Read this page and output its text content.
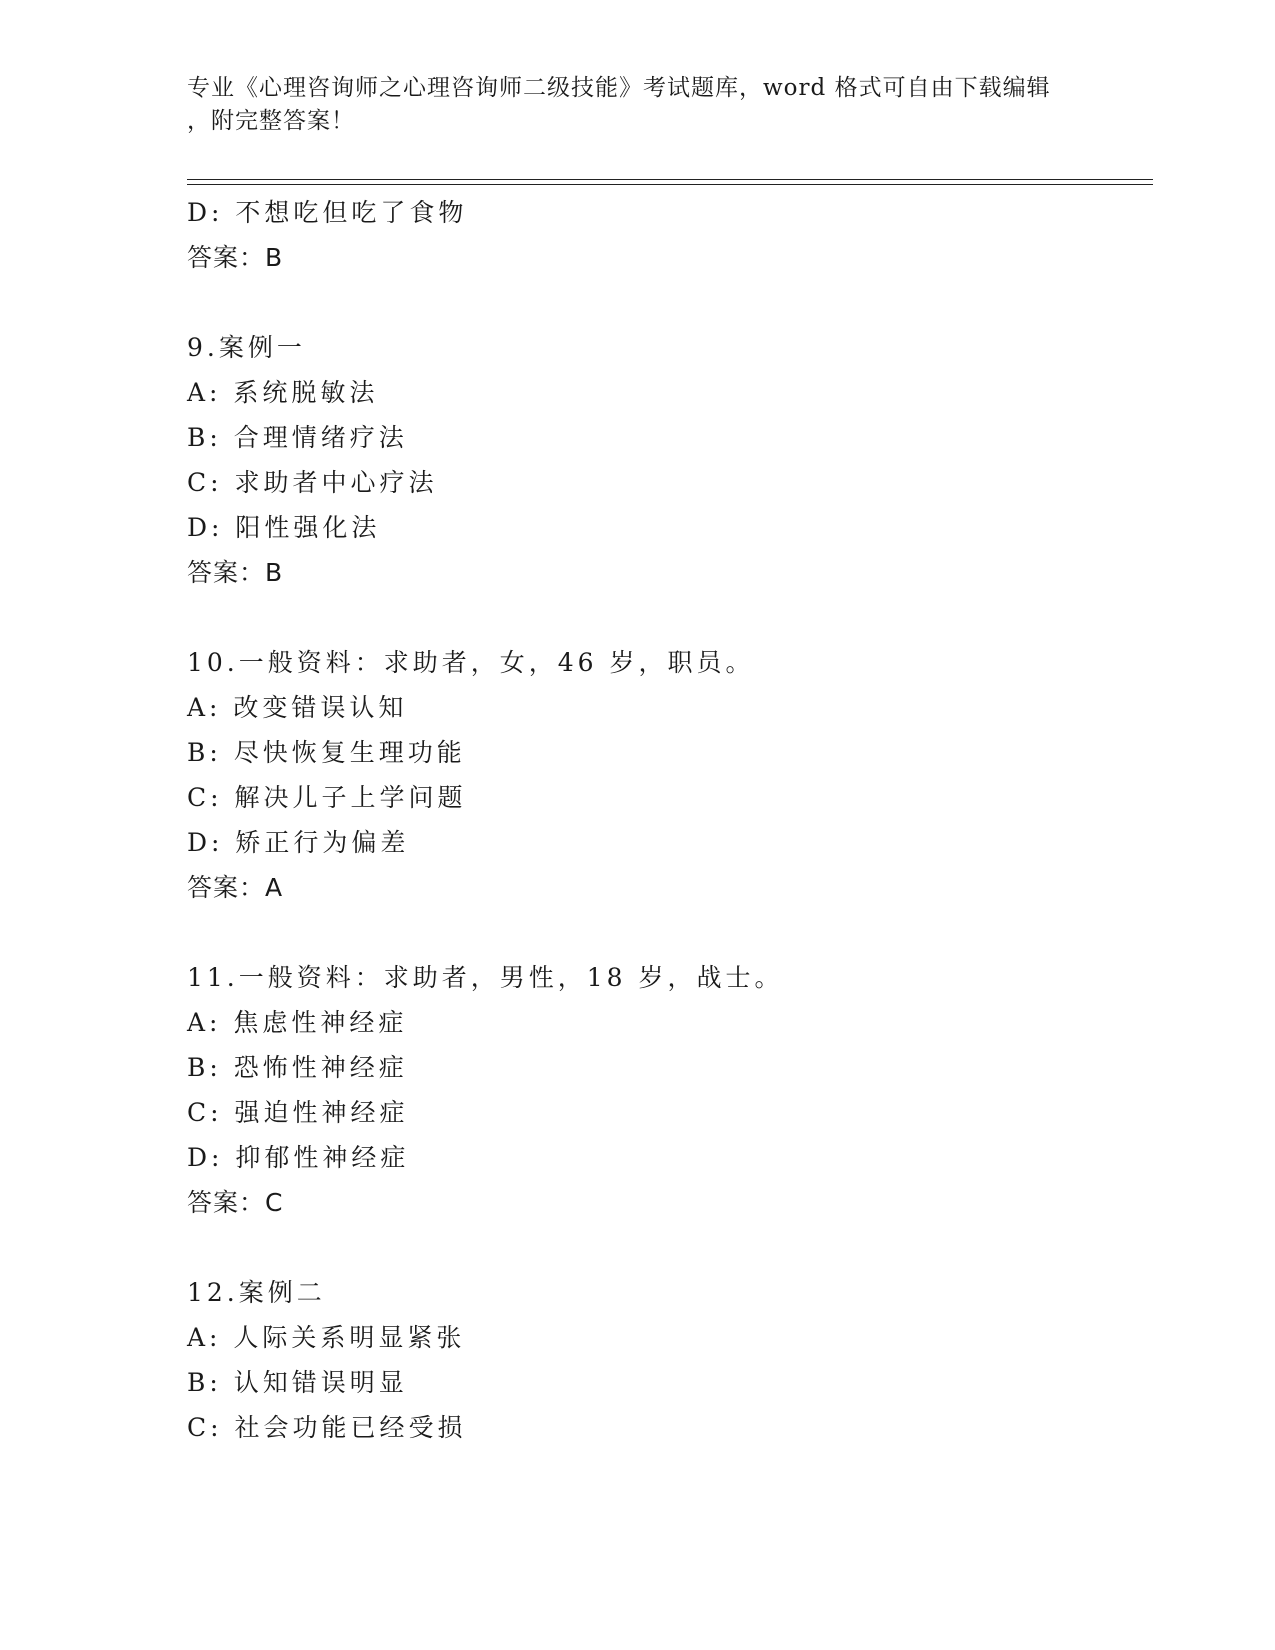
专业《心理咨询师之心理咨询师二级技能》考试题库，word 格式可自由下载编辑
，附完整答案！
D: 不想吃但吃了食物
答案：B
9.案例一
A: 系统脱敏法
B: 合理情绪疗法
C: 求助者中心疗法
D: 阳性强化法
答案：B
10.一般资料：求助者，女，46 岁，职员。
A: 改变错误认知
B: 尽快恢复生理功能
C: 解决儿子上学问题
D: 矫正行为偏差
答案：A
11.一般资料：求助者，男性，18 岁，战士。
A: 焦虑性神经症
B: 恐怖性神经症
C: 强迫性神经症
D: 抑郁性神经症
答案：C
12.案例二
A: 人际关系明显紧张
B: 认知错误明显
C: 社会功能已经受损
